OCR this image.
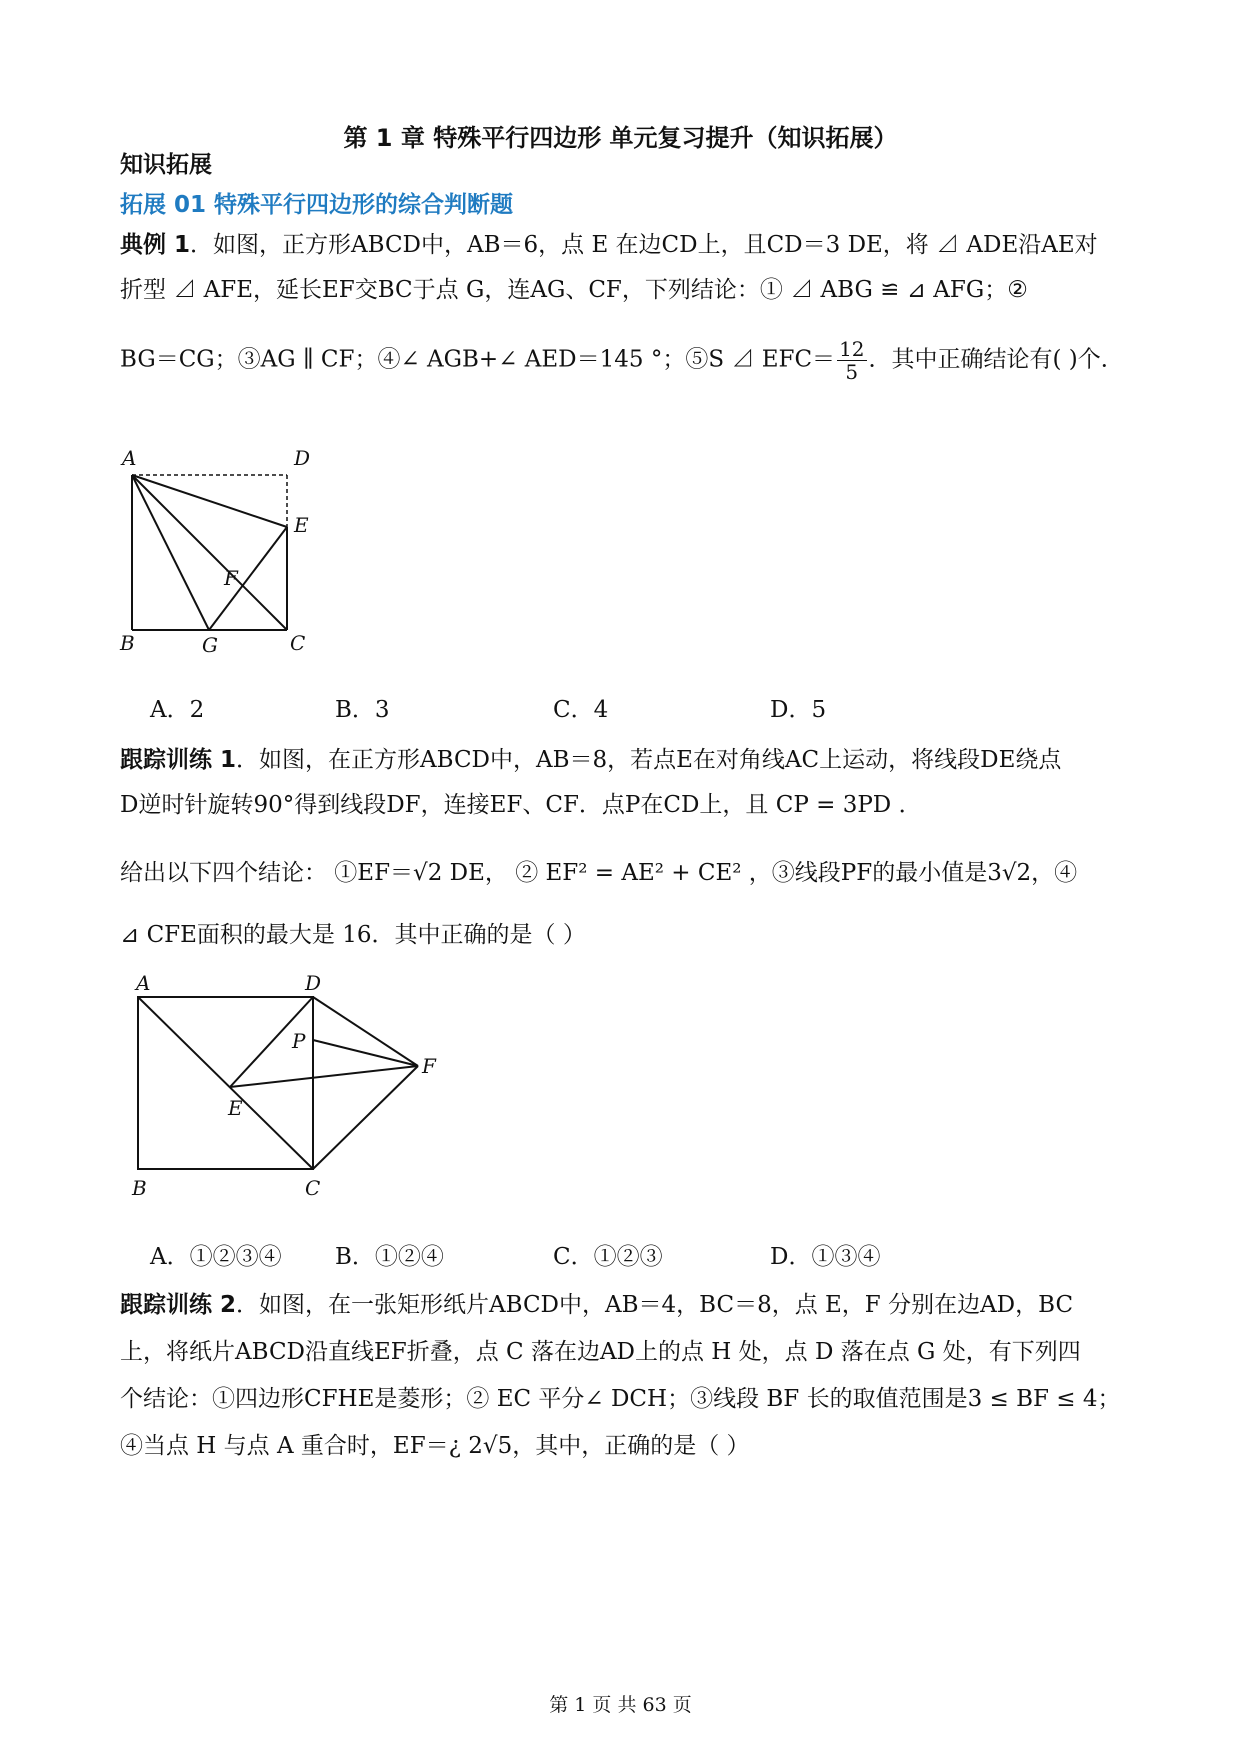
第 1 章 特殊平行四边形 单元复习提升（知识拓展）
知识拓展
拓展 01 特殊平行四边形的综合判断题
典例 1．如图，正方形ABCD中，AB＝6，点 E 在边CD上，且CD＝3 DE，将 ⊿ ADE沿AE对
折型 ⊿ AFE，延长EF交BC于点 G，连AG、CF，下列结论：① ⊿ ABG ≌ ⊿ AFG；②
BG＝CG；③AG ∥ CF；④∠ AGB+∠ AED＝145 °；⑤S ⊿ $EFC= \frac{12}{5}$ ．其中正确结论有( )个．
A	D
E
F
B	G	C
A．2	B．3	C．4	D．5
跟踪训练 1．如图，在正方形ABCD中，AB＝8，若点E在对角线AC上运动，将线段DE绕点
D逆时针旋转90°得到线段DF，连接EF、CF．点P在CD上，且 CP = 3PD ．
给出以下四个结论： ①EF＝√2 DE， ② EF² = AE² + CE² ，③线段PF的最小值是3√2，④
⊿ CFE面积的最大是 16．其中正确的是（ ）
A	D
P
F
E
B	C
A．①②③④ B．①②④	C．①②③	D．①③④
跟踪训练 2．如图，在一张矩形纸片ABCD中，AB＝4，BC＝8，点 E，F 分别在边AD，BC
上，将纸片ABCD沿直线EF折叠，点 C 落在边AD上的点 H 处，点 D 落在点 G 处，有下列四
个结论：①四边形CFHE是菱形；② EC 平分∠ DCH；③线段 BF 长的取值范围是3 ≤ BF ≤ 4；
④当点 H 与点 A 重合时，EF＝¿ 2√5，其中，正确的是（ ）
第 1 页 共 63 页
